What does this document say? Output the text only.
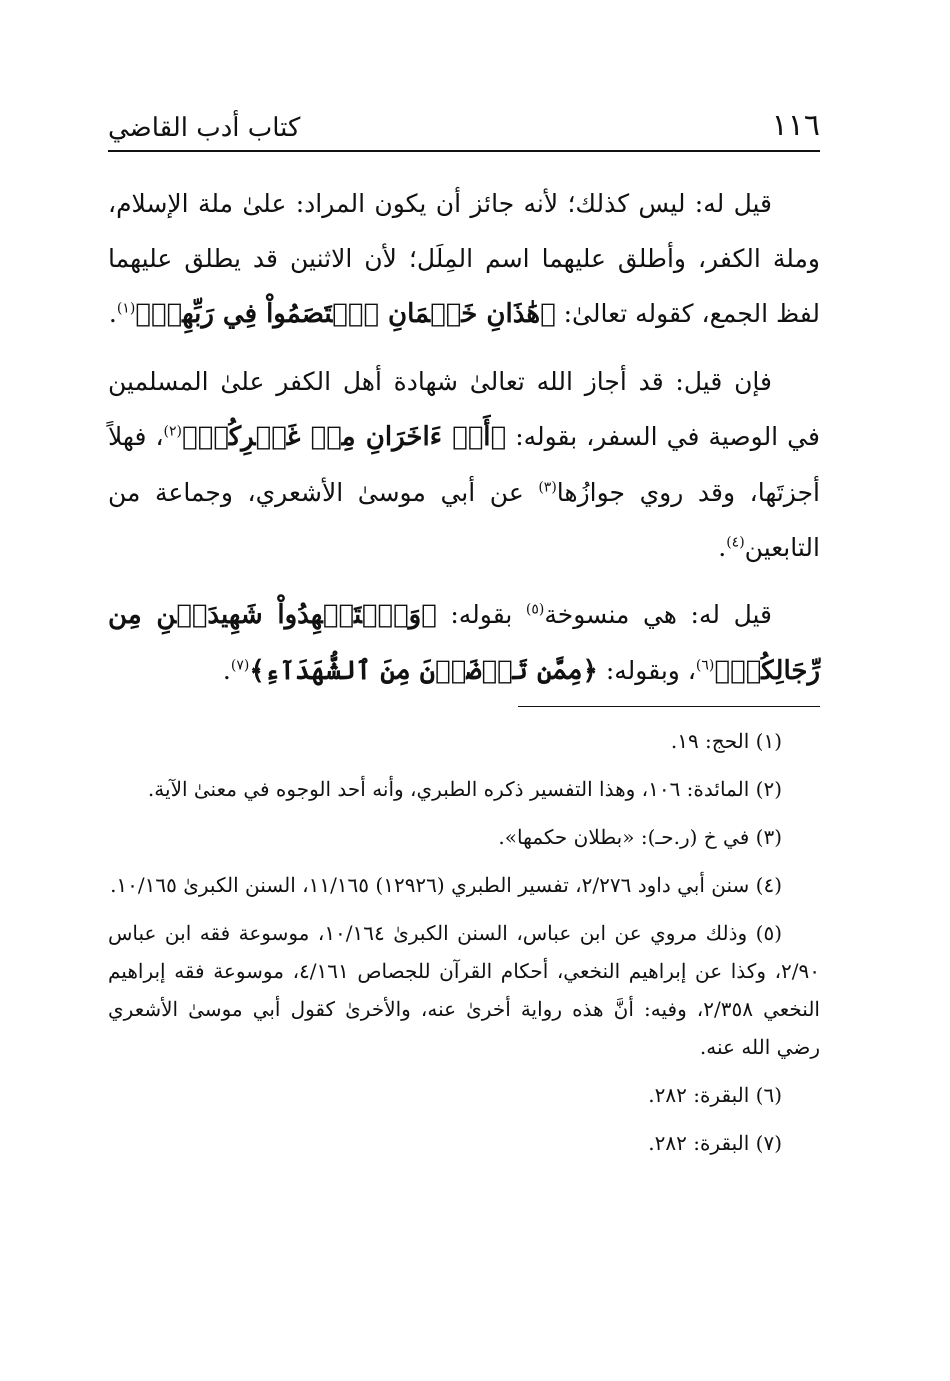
١١٦
كتاب أدب القاضي

قيل له: ليس كذلك؛ لأنه جائز أن يكون المراد: علىٰ ملة الإسلام، وملة الكفر، وأطلق عليهما اسم المِلَل؛ لأن الاثنين قد يطلق عليهما لفظ الجمع، كقوله تعالىٰ: ﴿هَٰذَانِ خَصۡمَانِ ٱخۡتَصَمُواْ فِي رَبِّهِمۡ﴾$^{(١)}$.

فإن قيل: قد أجاز الله تعالىٰ شهادة أهل الكفر علىٰ المسلمين في الوصية في السفر، بقوله: ﴿أَوۡ ءَاخَرَانِ مِنۡ غَيۡرِكُمۡ﴾$^{(٢)}$، فهلاً أجزتَها، وقد روي جوازُها$^{(٣)}$ عن أبي موسىٰ الأشعري، وجماعة من التابعين$^{(٤)}$.

قيل له: هي منسوخة$^{(٥)}$ بقوله: ﴿وَٱسۡتَشۡهِدُواْ شَهِيدَيۡنِ مِن رِّجَالِكُمۡ﴾$^{(٦)}$، وبقوله: ﴿مِمَّن تَرۡضَوۡنَ مِنَ ٱلشُّهَدَآءِ﴾$^{(٧)}$.

(١) الحج: ١٩.

(٢) المائدة: ١٠٦، وهذا التفسير ذكره الطبري، وأنه أحد الوجوه في معنىٰ الآية.

(٣) في خ (ر.حـ): «بطلان حكمها».

(٤) سنن أبي داود ٢/٢٧٦، تفسير الطبري (١٢٩٢٦) ١١/١٦٥، السنن الكبرىٰ ١٠/١٦٥.

(٥) وذلك مروي عن ابن عباس، السنن الكبرىٰ ١٠/١٦٤، موسوعة فقه ابن عباس ٢/٩٠، وكذا عن إبراهيم النخعي، أحكام القرآن للجصاص ٤/١٦١، موسوعة فقه إبراهيم النخعي ٢/٣٥٨، وفيه: أنَّ هذه رواية أخرىٰ عنه، والأخرىٰ كقول أبي موسىٰ الأشعري رضي الله عنه.

(٦) البقرة: ٢٨٢.

(٧) البقرة: ٢٨٢.
